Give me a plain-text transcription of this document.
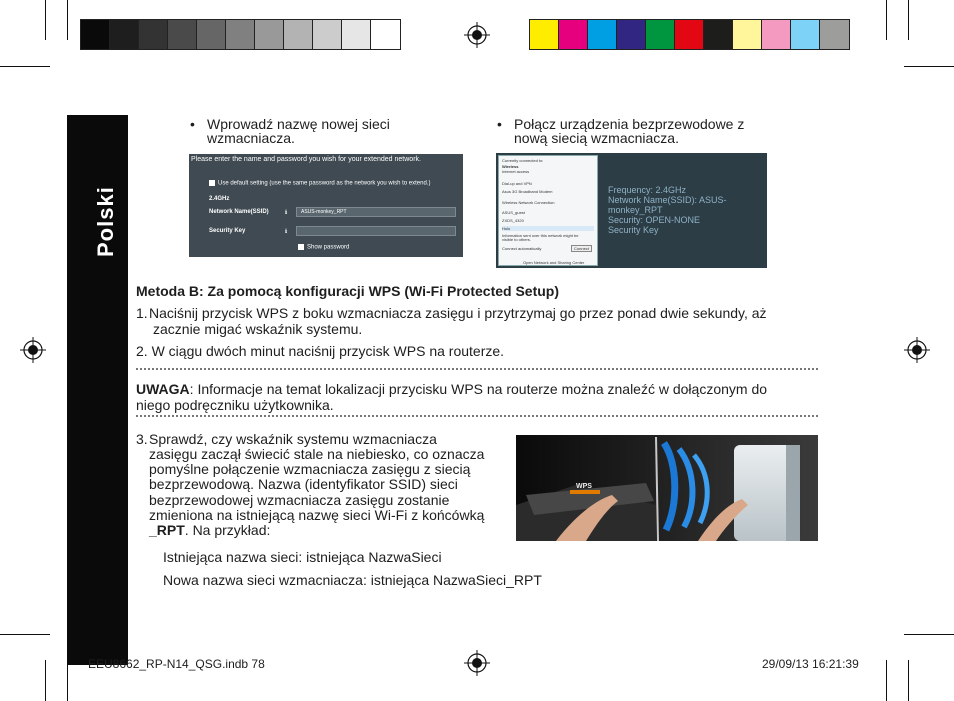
Polski
• Wprowadź nazwę nowej sieci
wzmacniacza.
• Połącz urządzenia bezprzewodowe z
nową siecią wzmacniacza.
Please enter the name and password you wish for your extended network.
Use default setting (use the same password as the network you wish to extend.)
2.4GHz
Network Name(SSID)	ℹ	ASUS-monkey_RPT
Security Key	ℹ
Show password
Currently connected to:
Wireless
Internet access
Dial-up and VPN
Asus 3G Broadband Modem
Wireless Network Connection
ASUS_guest
ZXDS_4320
Holo
Information sent over this network might be visible to others.
Connect automatically	Connect
Open Network and Sharing Center
Frequency: 2.4GHz
Network Name(SSID): ASUS-monkey_RPT
Security: OPEN-NONE
Security Key
Metoda B: Za pomocą konfiguracji WPS (Wi-Fi Protected Setup)
1. Naciśnij przycisk WPS z boku wzmacniacza zasięgu i przytrzymaj go przez ponad dwie sekundy, aż
zacznie migać wskaźnik systemu.
2. W ciągu dwóch minut naciśnij przycisk WPS na routerze.
UWAGA: Informacje na temat lokalizacji przycisku WPS na routerze można znaleźć w dołączonym do
niego podręczniku użytkownika.
3. Sprawdź, czy wskaźnik systemu wzmacniacza
zasięgu zaczął świecić stale na niebiesko, co oznacza
pomyślne połączenie wzmacniacza zasięgu z siecią
bezprzewodową. Nazwa (identyfikator SSID) sieci
bezprzewodowej wzmacniacza zasięgu zostanie
zmieniona na istniejącą nazwę sieci Wi-Fi z końcówką
_RPT. Na przykład:
Istniejąca nazwa sieci: istniejąca NazwaSieci
Nowa nazwa sieci wzmacniacza: istniejąca NazwaSieci_RPT
WPS
EEU8662_RP-N14_QSG.indb 78	29/09/13 16:21:39
